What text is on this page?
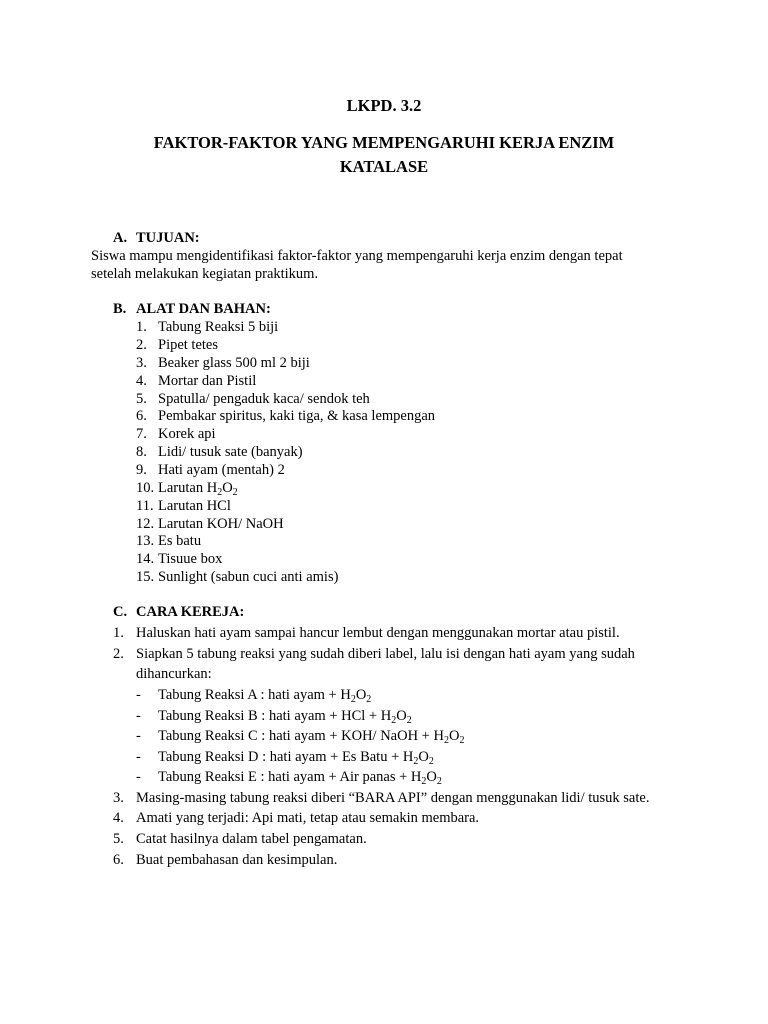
LKPD. 3.2
FAKTOR-FAKTOR YANG MEMPENGARUHI KERJA ENZIM
KATALASE
A. TUJUAN:
Siswa mampu mengidentifikasi faktor-faktor yang mempengaruhi kerja enzim dengan tepat
setelah melakukan kegiatan praktikum.
B. ALAT DAN BAHAN:
1. Tabung Reaksi 5 biji
2. Pipet tetes
3. Beaker glass 500 ml 2 biji
4. Mortar dan Pistil
5. Spatulla/ pengaduk kaca/ sendok teh
6. Pembakar spiritus, kaki tiga, & kasa lempengan
7. Korek api
8. Lidi/ tusuk sate (banyak)
9. Hati ayam (mentah) 2
10. Larutan $H_2O_2$
11. Larutan HCl
12. Larutan KOH/ NaOH
13. Es batu
14. Tisuue box
15. Sunlight (sabun cuci anti amis)
C. CARA KEREJA:
1. Haluskan hati ayam sampai hancur lembut dengan menggunakan mortar atau pistil.
2. Siapkan 5 tabung reaksi yang sudah diberi label, lalu isi dengan hati ayam yang sudah
dihancurkan:
- Tabung Reaksi A : hati ayam + $H_2O_2$
- Tabung Reaksi B : hati ayam + HCl + $H_2O_2$
- Tabung Reaksi C : hati ayam + KOH/ NaOH + $H_2O_2$
- Tabung Reaksi D : hati ayam + Es Batu + $H_2O_2$
- Tabung Reaksi E : hati ayam + Air panas + $H_2O_2$
3. Masing-masing tabung reaksi diberi “BARA API” dengan menggunakan lidi/ tusuk sate.
4. Amati yang terjadi: Api mati, tetap atau semakin membara.
5. Catat hasilnya dalam tabel pengamatan.
6. Buat pembahasan dan kesimpulan.
